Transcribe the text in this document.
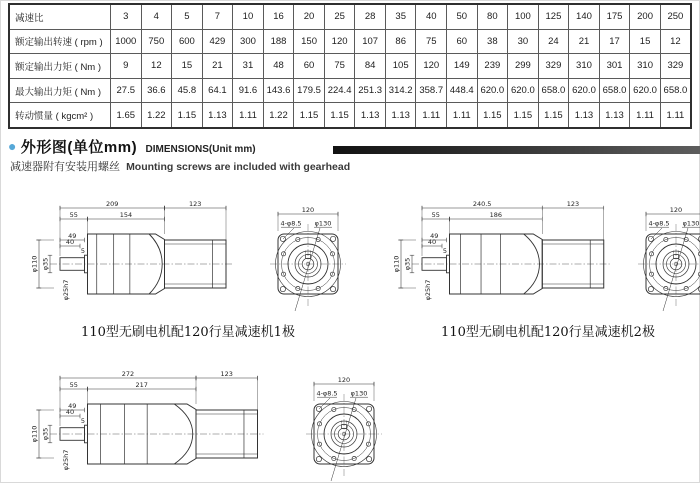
减速比	3	4	5	7	10	16	20	25	28	35	40	50	80	100	125	140	175	200	250
额定输出转速 ( rpm )	1000	750	600	429	300	188	150	120	107	86	75	60	38	30	24	21	17	15	12
额定输出力矩 ( Nm )	9	12	15	21	31	48	60	75	84	105	120	149	239	299	329	310	301	310	329
最大输出力矩 ( Nm )	27.5	36.6	45.8	64.1	91.6	143.6	179.5	224.4	251.3	314.2	358.7	448.4	620.0	620.0	658.0	620.0	658.0	620.0	658.0
转动惯量 ( kgcm² )	1.65	1.22	1.15	1.13	1.11	1.22	1.15	1.15	1.13	1.13	1.11	1.11	1.15	1.15	1.15	1.13	1.13	1.11	1.11
● 外形图(单位mm) DIMENSIONS(Unit mm)
减速器附有安装用螺丝 Mounting screws are included with gearhead
209	123
55	154
49
40
5
φ110 φ35
φ25h7

120
4-φ8.5 φ130
110型无刷电机配120行星减速机1极
240.5	123
55	186
49
40
5
φ110 φ35
φ25h7

120
4-φ8.5 φ130
110型无刷电机配120行星减速机2极
272	123
55	217
49
40
5
φ110 φ35
φ25h7

120
4-φ8.5 φ130
